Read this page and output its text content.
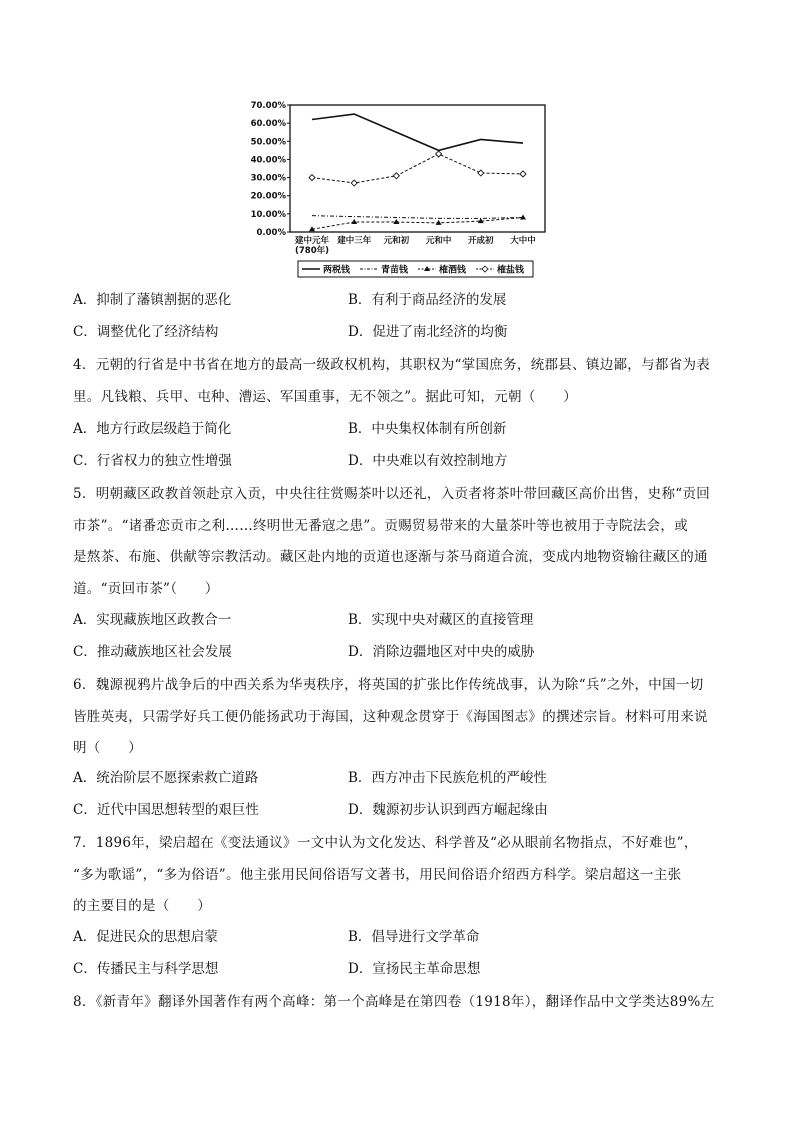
0.00%
10.00%
20.00%
30.00%
40.00%
50.00%
60.00%
70.00%
建中元年
(780年)
建中三年 元和初 元和中 开成初 大中中
两税钱	青苗钱	榷酒钱	榷盐钱
A．抑制了藩镇割据的恶化	B．有利于商品经济的发展
C．调整优化了经济结构	D．促进了南北经济的均衡
4．元朝的行省是中书省在地方的最高一级政权机构，其职权为“掌国庶务，统郡县、镇边鄙，与都省为表
里。凡钱粮、兵甲、屯种、漕运、军国重事，无不领之”。据此可知，元朝（　　）
A．地方行政层级趋于简化	B．中央集权体制有所创新
C．行省权力的独立性增强	D．中央难以有效控制地方
5．明朝藏区政教首领赴京入贡，中央往往赏赐茶叶以还礼，入贡者将茶叶带回藏区高价出售，史称“贡回
市茶”。“诸番恋贡市之利……终明世无番寇之患”。贡赐贸易带来的大量茶叶等也被用于寺院法会，或
是熬茶、布施、供献等宗教活动。藏区赴内地的贡道也逐渐与茶马商道合流，变成内地物资输往藏区的通
道。“贡回市茶”（　　）
A．实现藏族地区政教合一	B．实现中央对藏区的直接管理
C．推动藏族地区社会发展	D．消除边疆地区对中央的威胁
6．魏源视鸦片战争后的中西关系为华夷秩序，将英国的扩张比作传统战事，认为除“兵”之外，中国一切
皆胜英夷，只需学好兵工便仍能扬武功于海国，这种观念贯穿于《海国图志》的撰述宗旨。材料可用来说
明（　　）
A．统治阶层不愿探索救亡道路	B．西方冲击下民族危机的严峻性
C．近代中国思想转型的艰巨性	D．魏源初步认识到西方崛起缘由
7．1896年，梁启超在《变法通议》一文中认为文化发达、科学普及“必从眼前名物指点，不好难也”，
“多为歌谣”，“多为俗语”。他主张用民间俗语写文著书，用民间俗语介绍西方科学。梁启超这一主张
的主要目的是（　　）
A．促进民众的思想启蒙	B．倡导进行文学革命
C．传播民主与科学思想	D．宣扬民主革命思想
8．《新青年》翻译外国著作有两个高峰：第一个高峰是在第四卷（1918年），翻译作品中文学类达89%左
